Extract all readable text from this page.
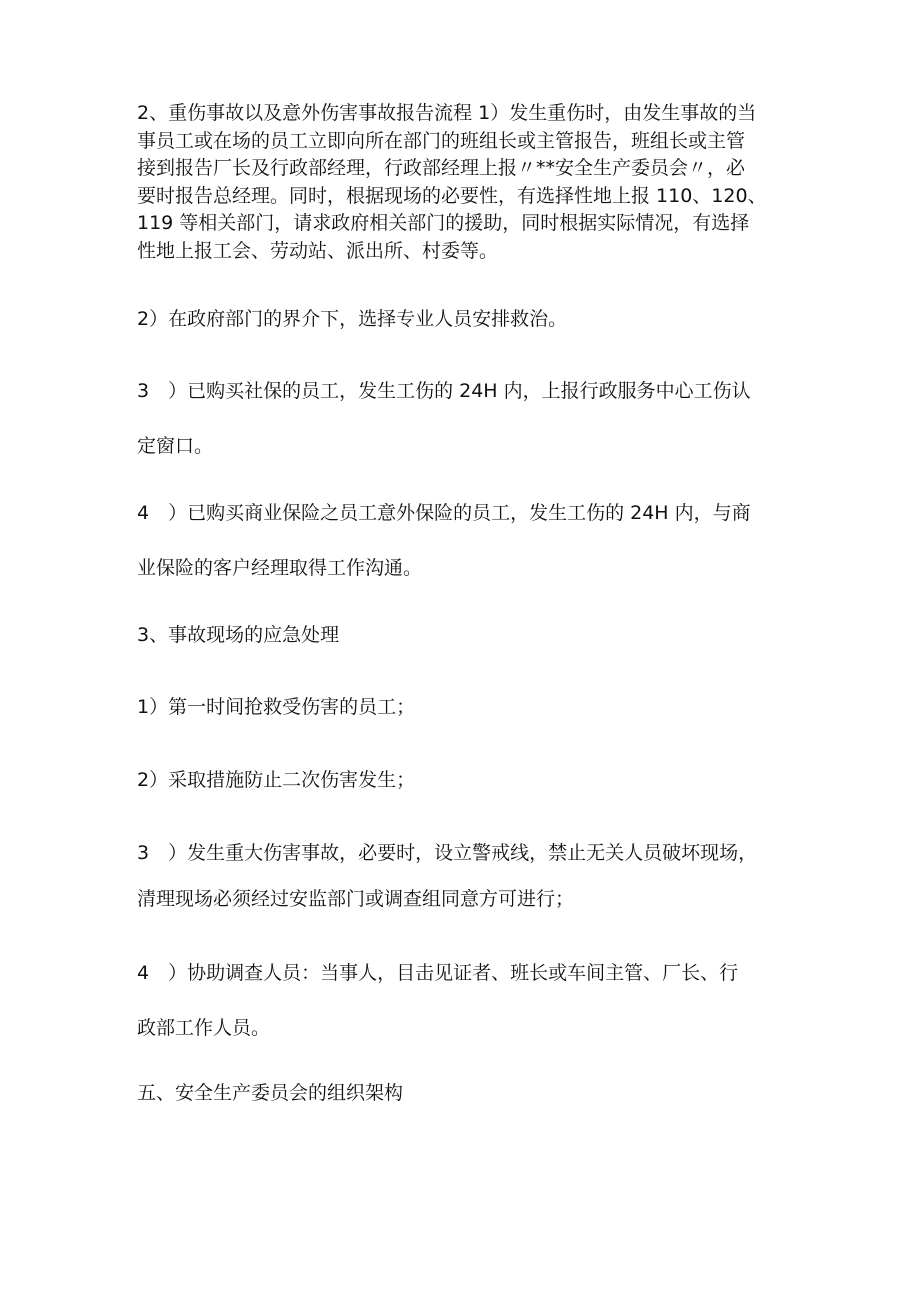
2、重伤事故以及意外伤害事故报告流程 1）发生重伤时，由发生事故的当
事员工或在场的员工立即向所在部门的班组长或主管报告，班组长或主管
接到报告厂长及行政部经理，行政部经理上报〃**安全生产委员会〃，必
要时报告总经理。同时，根据现场的必要性，有选择性地上报 110、120、
119 等相关部门，请求政府相关部门的援助，同时根据实际情况，有选择
性地上报工会、劳动站、派出所、村委等。

2）在政府部门的界介下，选择专业人员安排救治。

3　）已购买社保的员工，发生工伤的 24H 内，上报行政服务中心工伤认
定窗口。

4　）已购买商业保险之员工意外保险的员工，发生工伤的 24H 内，与商
业保险的客户经理取得工作沟通。

3、事故现场的应急处理

1）第一时间抢救受伤害的员工；

2）采取措施防止二次伤害发生；

3　）发生重大伤害事故，必要时，设立警戒线，禁止无关人员破坏现场，
清理现场必须经过安监部门或调查组同意方可进行；

4　）协助调查人员：当事人，目击见证者、班长或车间主管、厂长、行
政部工作人员。

五、安全生产委员会的组织架构
